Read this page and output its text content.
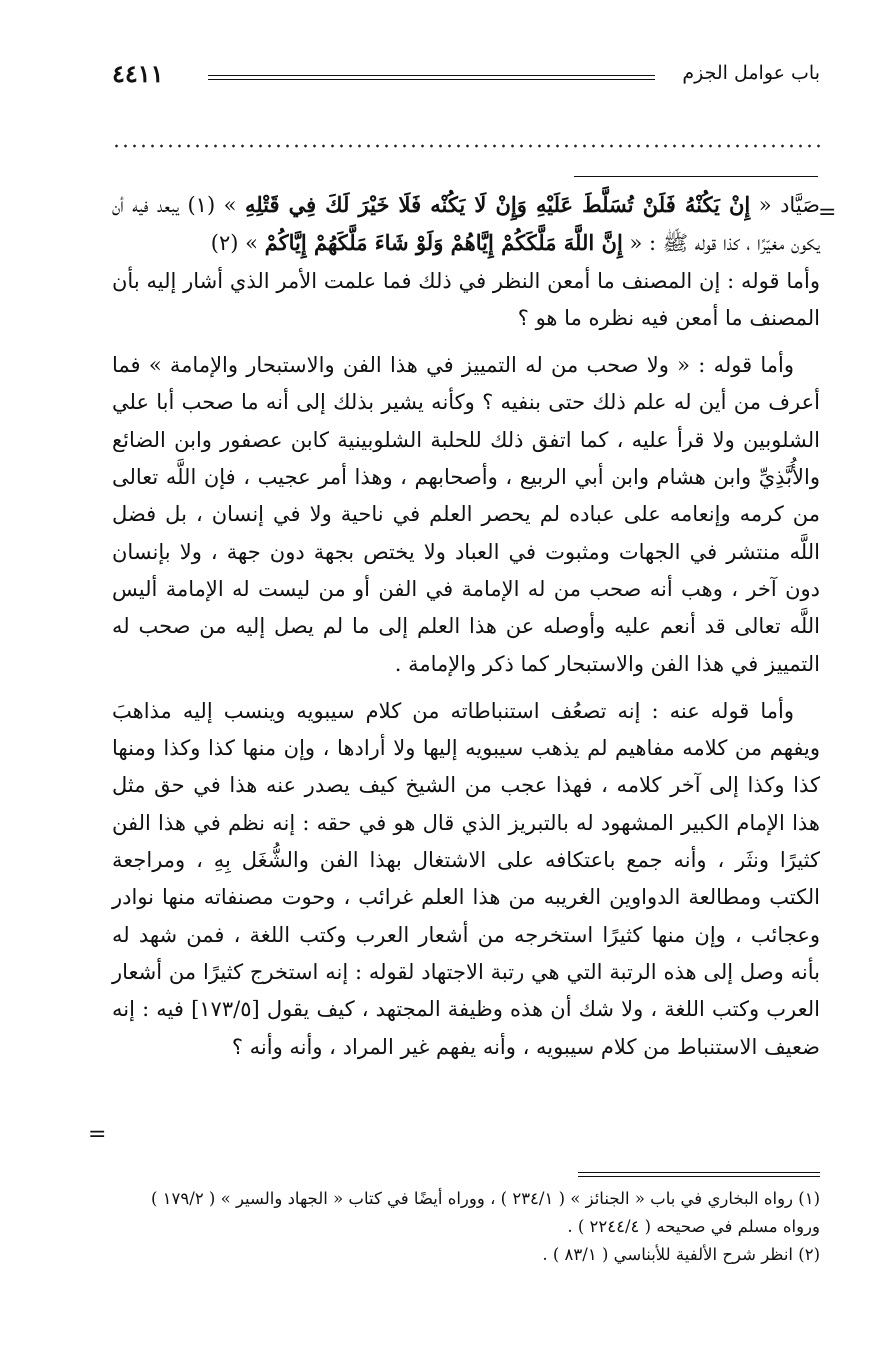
باب عوامل الجزم
٤٤١١
=

صَيَّاد « إِنْ يَكُنْهُ فَلَنْ تُسَلَّطَ عَلَيْهِ وَإِنْ لَا يَكُنْه فَلَا خَيْرَ لَكَ فِي قَتْلِهِ » (١) يبعد فيه أن يكون مغيّرًا ، كذا قوله ﷺ : « إِنَّ اللَّهَ مَلَّكَكُمْ إِيَّاهُمْ وَلَوْ شَاءَ مَلَّكَهُمْ إِيَّاكُمْ » (٢)

وأما قوله : إن المصنف ما أمعن النظر في ذلك فما علمت الأمر الذي أشار إليه بأن المصنف ما أمعن فيه نظره ما هو ؟

وأما قوله : « ولا صحب من له التمييز في هذا الفن والاستبحار والإمامة » فما أعرف من أين له علم ذلك حتى بنفيه ؟ وكأنه يشير بذلك إلى أنه ما صحب أبا علي الشلوبين ولا قرأ عليه ، كما اتفق ذلك للحلبة الشلوبينية كابن عصفور وابن الضائع والأُبَّذِيِّ وابن هشام وابن أبي الربيع ، وأصحابهم ، وهذا أمر عجيب ، فإن اللَّه تعالى من كرمه وإنعامه على عباده لم يحصر العلم في ناحية ولا في إنسان ، بل فضل اللَّه منتشر في الجهات ومثبوت في العباد ولا يختص بجهة دون جهة ، ولا بإنسان دون آخر ، وهب أنه صحب من له الإمامة في الفن أو من ليست له الإمامة أليس اللَّه تعالى قد أنعم عليه وأوصله عن هذا العلم إلى ما لم يصل إليه من صحب له التمييز في هذا الفن والاستبحار كما ذكر والإمامة .

وأما قوله عنه : إنه تصعُف استنباطاته من كلام سيبويه وينسب إليه مذاهبَ ويفهم من كلامه مفاهيم لم يذهب سيبويه إليها ولا أرادها ، وإن منها كذا وكذا ومنها كذا وكذا إلى آخر كلامه ، فهذا عجب من الشيخ كيف يصدر عنه هذا في حق مثل هذا الإمام الكبير المشهود له بالتبريز الذي قال هو في حقه : إنه نظم في هذا الفن كثيرًا ونثَر ، وأنه جمع باعتكافه على الاشتغال بهذا الفن والشُّغَل بِهِ ، ومراجعة الكتب ومطالعة الدواوين الغريبه من هذا العلم غرائب ، وحوت مصنفاته منها نوادر وعجائب ، وإن منها كثيرًا استخرجه من أشعار العرب وكتب اللغة ، فمن شهد له بأنه وصل إلى هذه الرتبة التي هي رتبة الاجتهاد لقوله : إنه استخرج كثيرًا من أشعار العرب وكتب اللغة ، ولا شك أن هذه وظيفة المجتهد ، كيف يقول [١٧٣/٥] فيه : إنه ضعيف الاستنباط من كلام سيبويه ، وأنه يفهم غير المراد ، وأنه وأنه ؟

=

(١) رواه البخاري في باب « الجنائز » ( ٢٣٤/١ ) ، ووراه أيضًا في كتاب « الجهاد والسير » ( ١٧٩/٢ ) ورواه مسلم في صحيحه ( ٢٢٤٤/٤ ) .

(٢) انظر شرح الألفية للأبناسي ( ٨٣/١ ) .
